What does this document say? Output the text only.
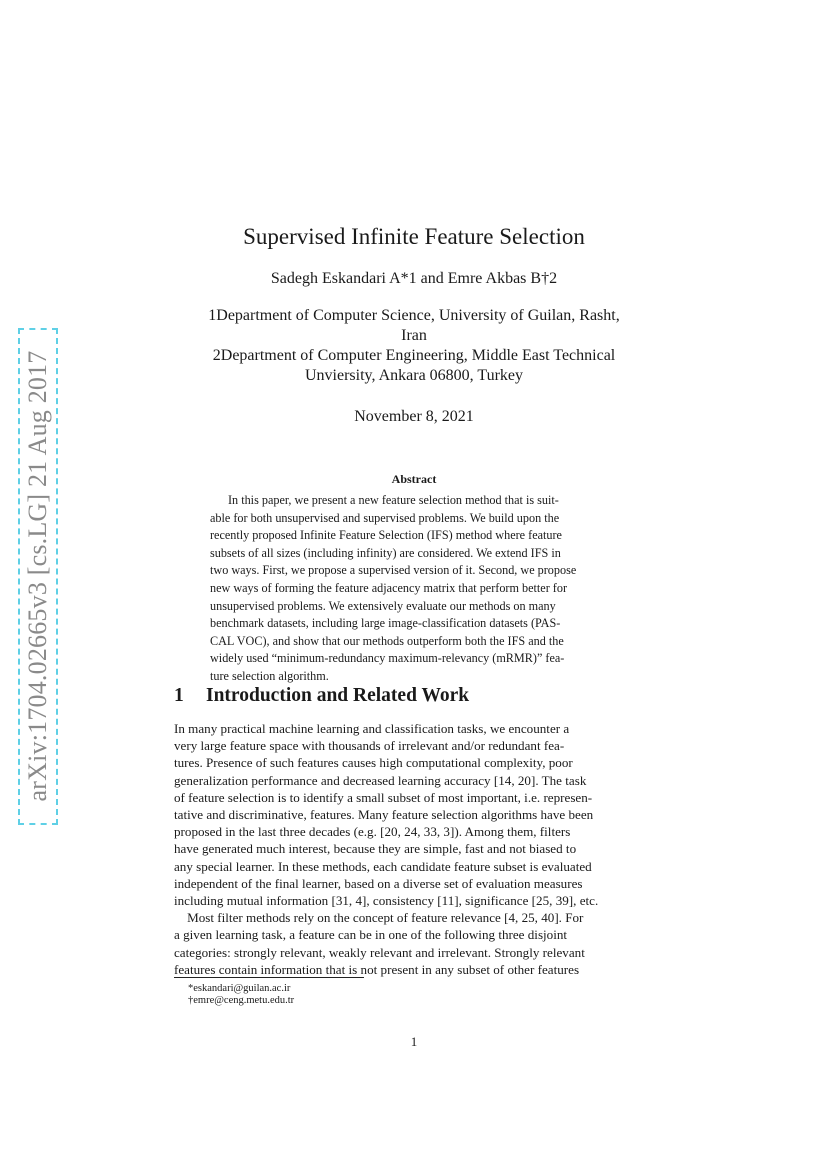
arXiv:1704.02665v3 [cs.LG] 21 Aug 2017
Supervised Infinite Feature Selection
Sadegh Eskandari A*1 and Emre Akbas B†2
1Department of Computer Science, University of Guilan, Rasht,
Iran
2Department of Computer Engineering, Middle East Technical
Unviersity, Ankara 06800, Turkey
November 8, 2021
Abstract
In this paper, we present a new feature selection method that is suit-
able for both unsupervised and supervised problems. We build upon the
recently proposed Infinite Feature Selection (IFS) method where feature
subsets of all sizes (including infinity) are considered. We extend IFS in
two ways. First, we propose a supervised version of it. Second, we propose
new ways of forming the feature adjacency matrix that perform better for
unsupervised problems. We extensively evaluate our methods on many
benchmark datasets, including large image-classification datasets (PAS-
CAL VOC), and show that our methods outperform both the IFS and the
widely used “minimum-redundancy maximum-relevancy (mRMR)” fea-
ture selection algorithm.
1 Introduction and Related Work
In many practical machine learning and classification tasks, we encounter a
very large feature space with thousands of irrelevant and/or redundant fea-
tures. Presence of such features causes high computational complexity, poor
generalization performance and decreased learning accuracy [14, 20]. The task
of feature selection is to identify a small subset of most important, i.e. represen-
tative and discriminative, features. Many feature selection algorithms have been
proposed in the last three decades (e.g. [20, 24, 33, 3]). Among them, filters
have generated much interest, because they are simple, fast and not biased to
any special learner. In these methods, each candidate feature subset is evaluated
independent of the final learner, based on a diverse set of evaluation measures
including mutual information [31, 4], consistency [11], significance [25, 39], etc.
Most filter methods rely on the concept of feature relevance [4, 25, 40]. For
a given learning task, a feature can be in one of the following three disjoint
categories: strongly relevant, weakly relevant and irrelevant. Strongly relevant
features contain information that is not present in any subset of other features
*eskandari@guilan.ac.ir
†emre@ceng.metu.edu.tr
1
